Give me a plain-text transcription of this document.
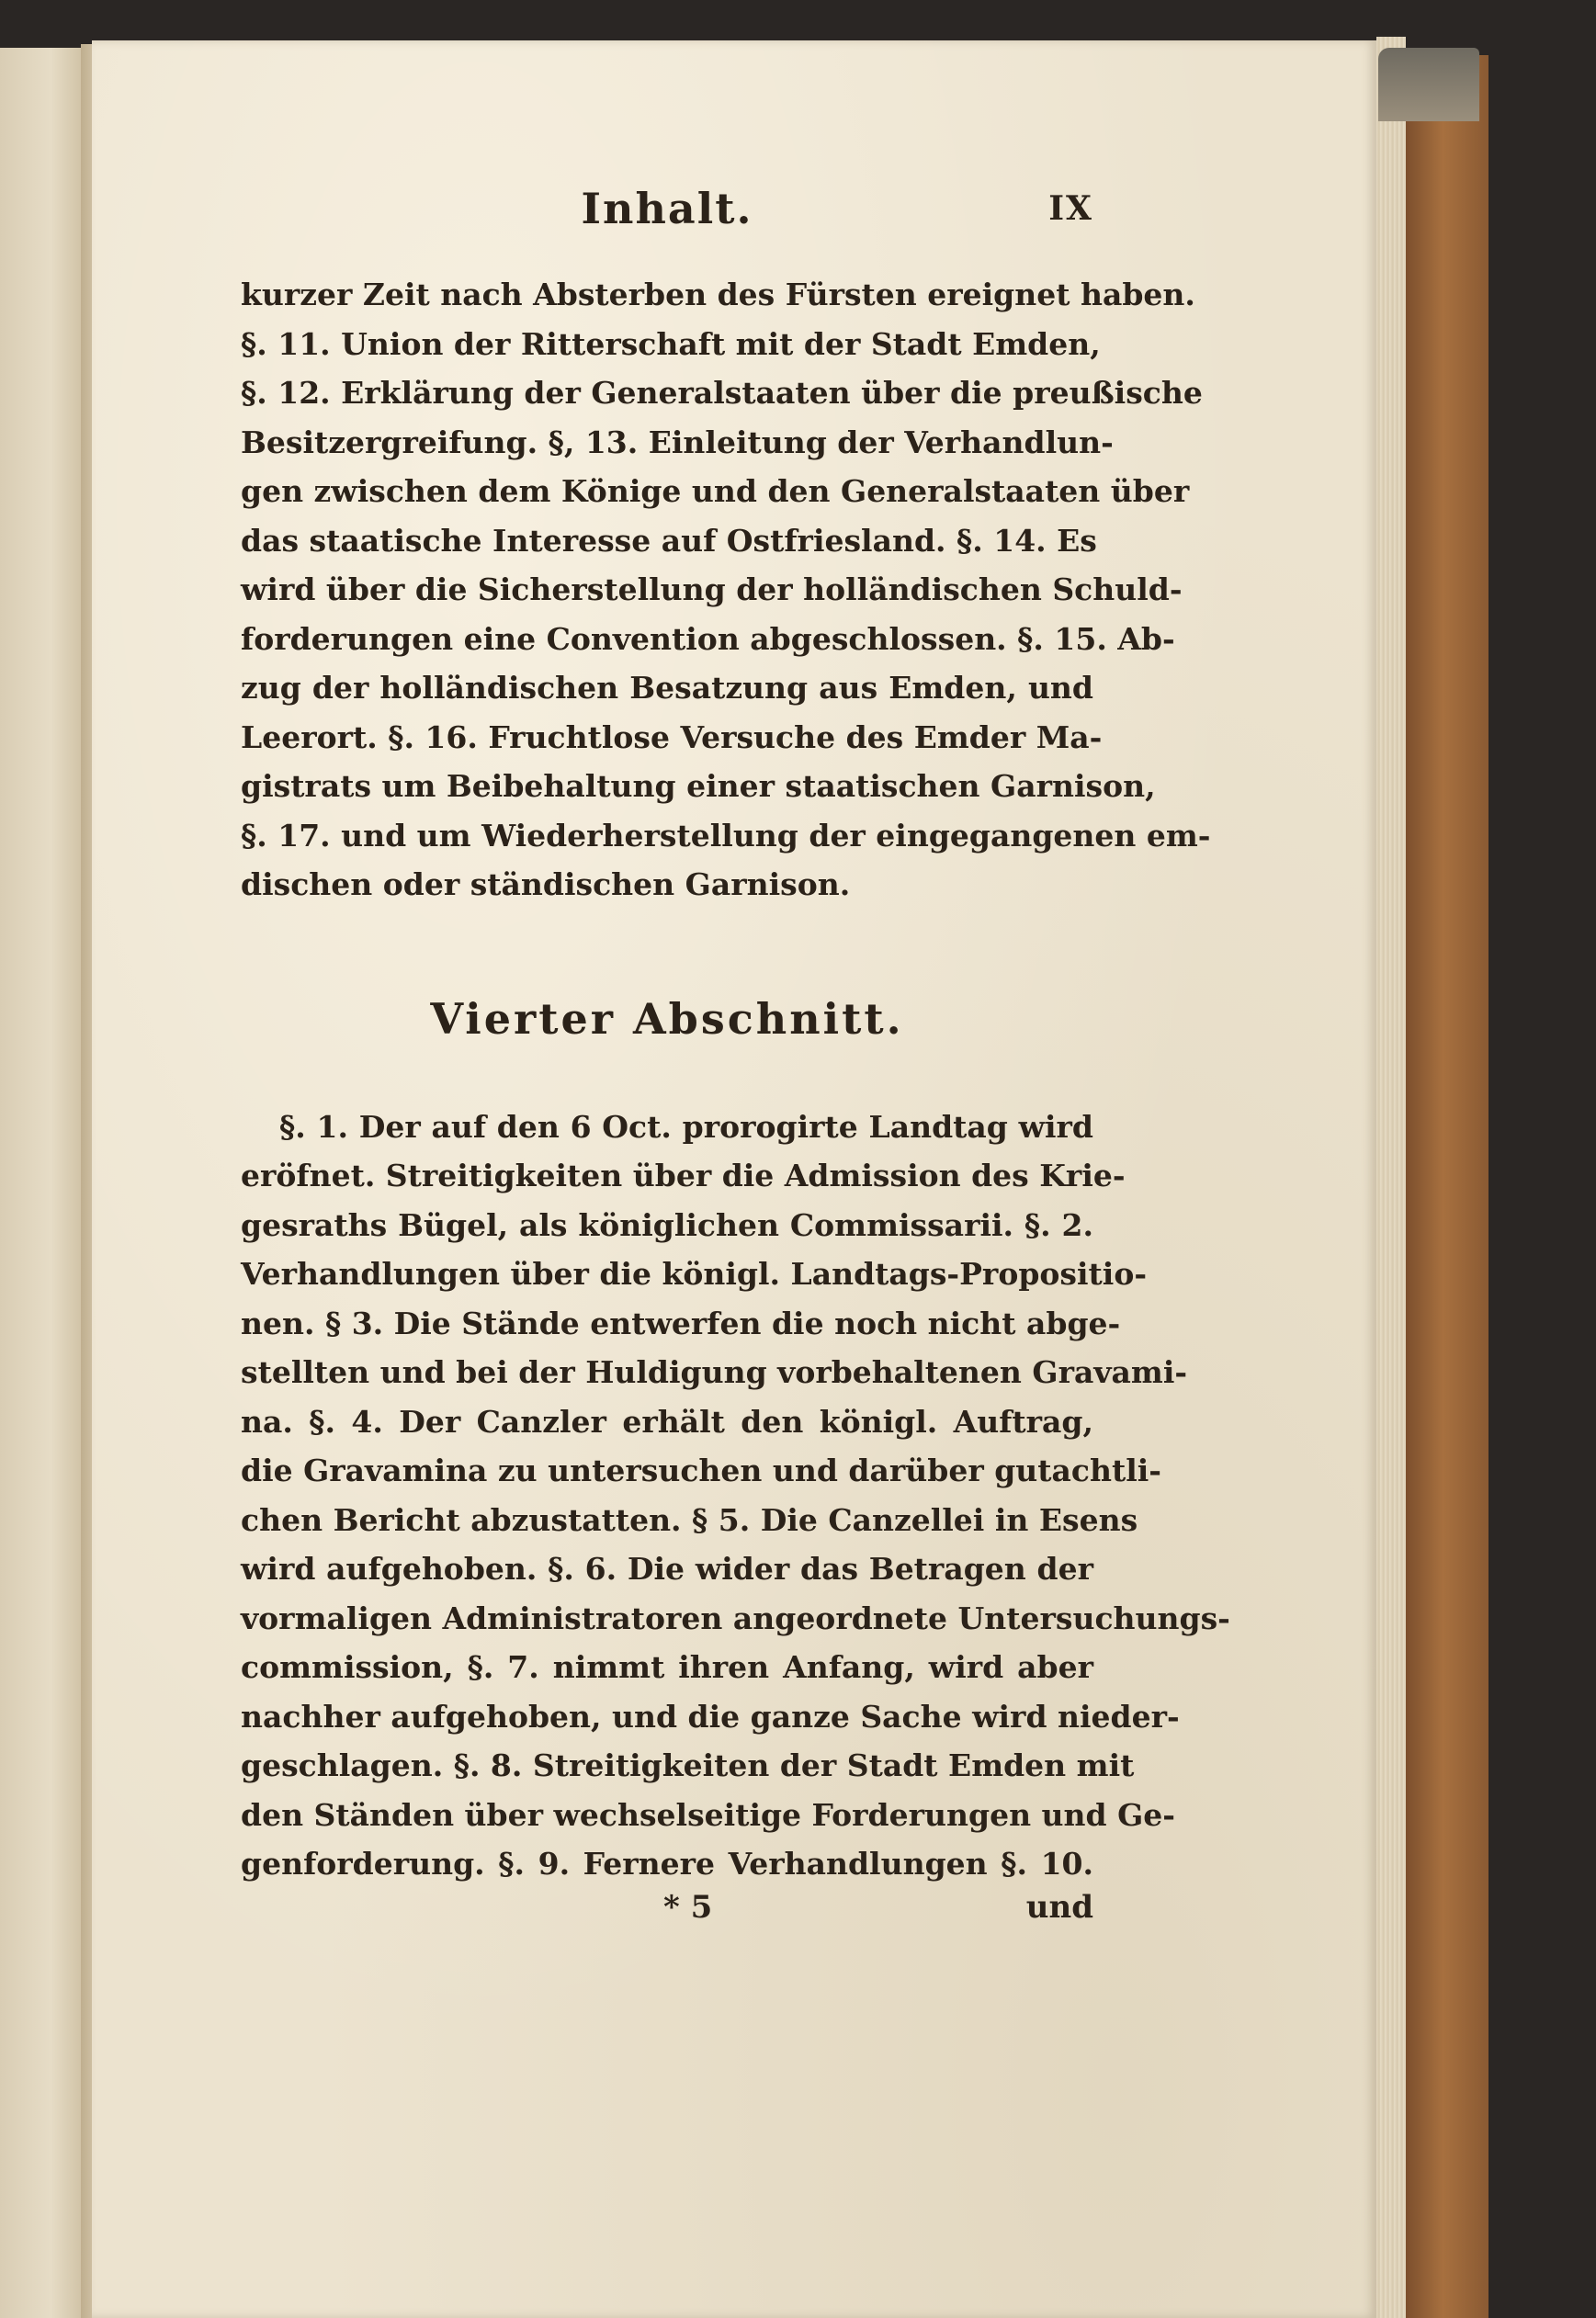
Inhalt.	IX
kurzer Zeit nach Absterben des Fürsten ereignet haben.
§. 11. Union der Ritterschaft mit der Stadt Emden,
§. 12. Erklärung der Generalstaaten über die preußische
Besitzergreifung. §, 13. Einleitung der Verhandlun-
gen zwischen dem Könige und den Generalstaaten über
das staatische Interesse auf Ostfriesland. §. 14. Es
wird über die Sicherstellung der holländischen Schuld-
forderungen eine Convention abgeschlossen. §. 15. Ab-
zug der holländischen Besatzung aus Emden, und
Leerort. §. 16. Fruchtlose Versuche des Emder Ma-
gistrats um Beibehaltung einer staatischen Garnison,
§. 17. und um Wiederherstellung der eingegangenen em-
dischen oder ständischen Garnison.
Vierter Abschnitt.
§. 1. Der auf den 6 Oct. prorogirte Landtag wird
eröfnet. Streitigkeiten über die Admission des Krie-
gesraths Bügel, als königlichen Commissarii. §. 2.
Verhandlungen über die königl. Landtags-Propositio-
nen. § 3. Die Stände entwerfen die noch nicht abge-
stellten und bei der Huldigung vorbehaltenen Gravami-
na. §. 4. Der Canzler erhält den königl. Auftrag,
die Gravamina zu untersuchen und darüber gutachtli-
chen Bericht abzustatten. § 5. Die Canzellei in Esens
wird aufgehoben. §. 6. Die wider das Betragen der
vormaligen Administratoren angeordnete Untersuchungs-
commission, §. 7. nimmt ihren Anfang, wird aber
nachher aufgehoben, und die ganze Sache wird nieder-
geschlagen. §. 8. Streitigkeiten der Stadt Emden mit
den Ständen über wechselseitige Forderungen und Ge-
genforderung. §. 9. Fernere Verhandlungen §. 10.
* 5	und
